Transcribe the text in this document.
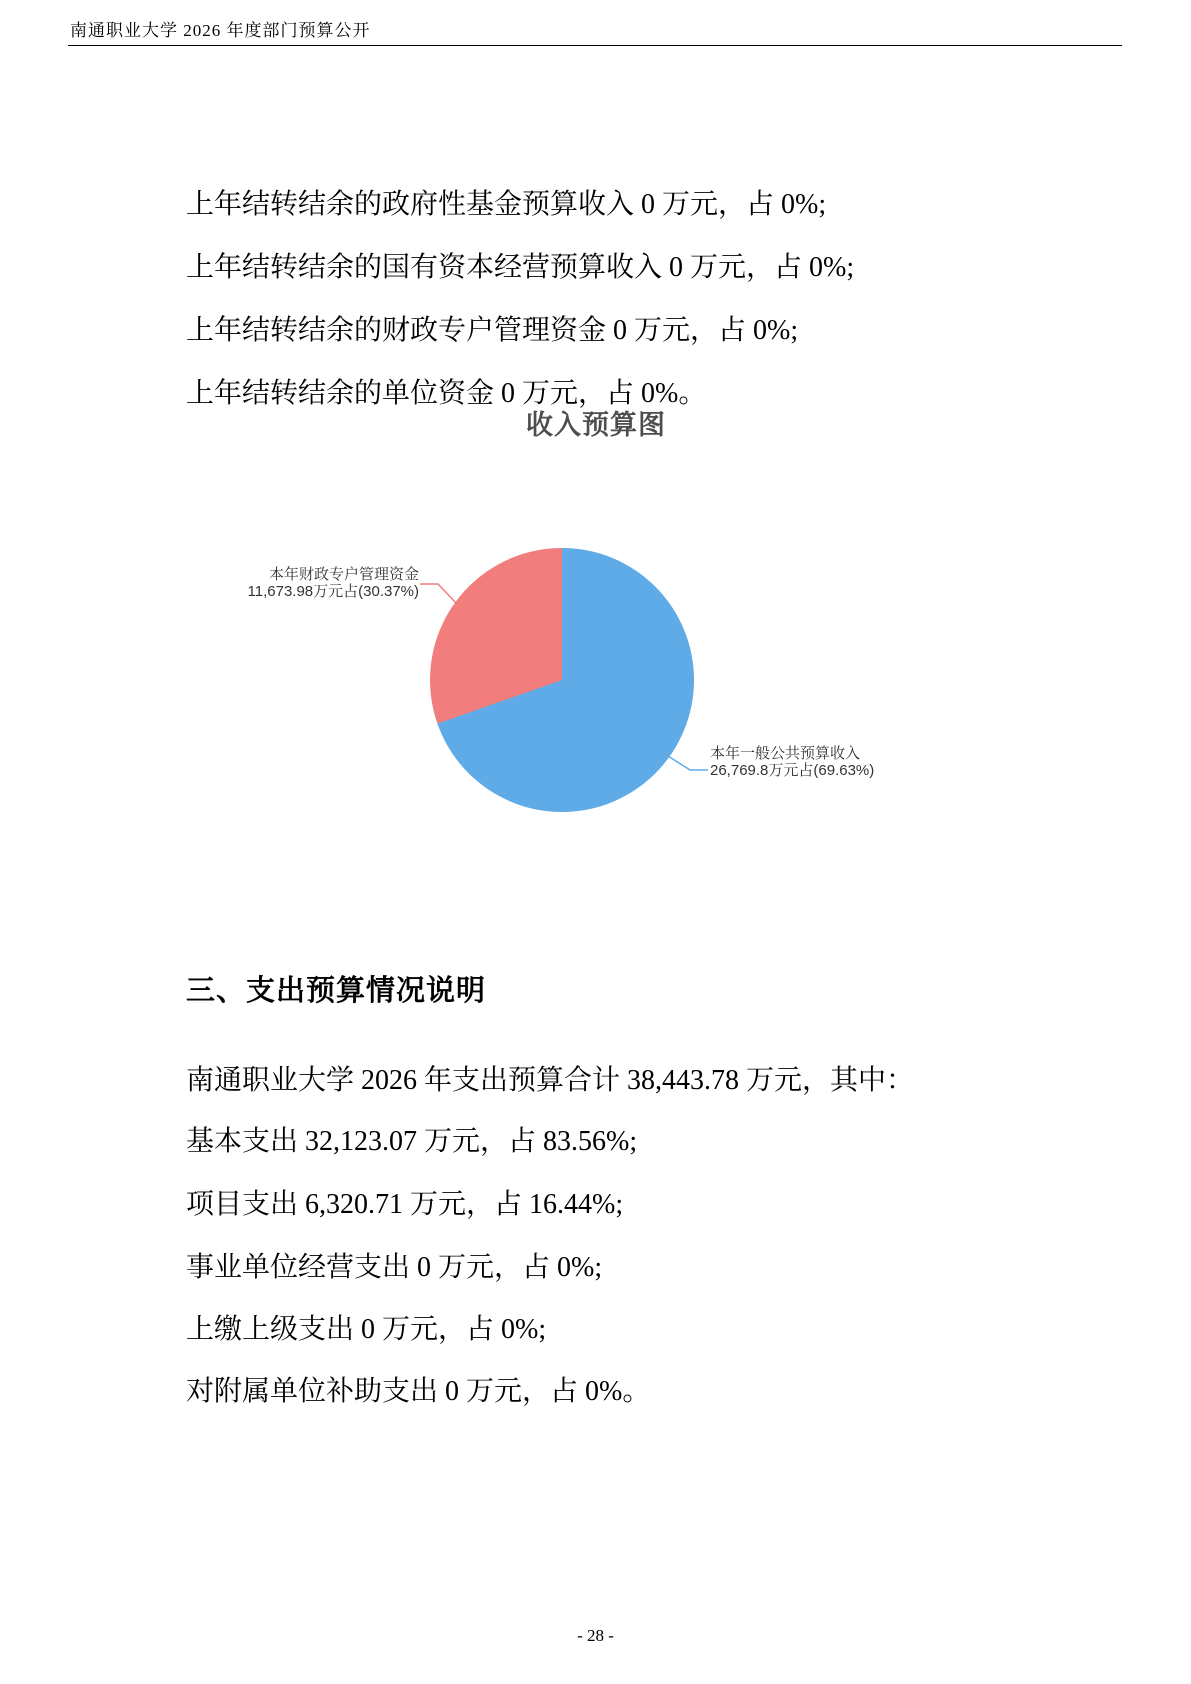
南通职业大学 2026 年度部门预算公开

上年结转结余的政府性基金预算收入 0 万元，占 0%;

上年结转结余的国有资本经营预算收入 0 万元，占 0%;

上年结转结余的财政专户管理资金 0 万元，占 0%;

上年结转结余的单位资金 0 万元，占 0%。

收入预算图
本年财政专户管理资金
11,673.98万元占(30.37%)
本年一般公共预算收入
26,769.8万元占(69.63%)
三、支出预算情况说明

南通职业大学 2026 年支出预算合计 38,443.78 万元，其中：

基本支出 32,123.07 万元，占 83.56%;

项目支出 6,320.71 万元，占 16.44%;

事业单位经营支出 0 万元，占 0%;

上缴上级支出 0 万元，占 0%;

对附属单位补助支出 0 万元，占 0%。

- 28 -
